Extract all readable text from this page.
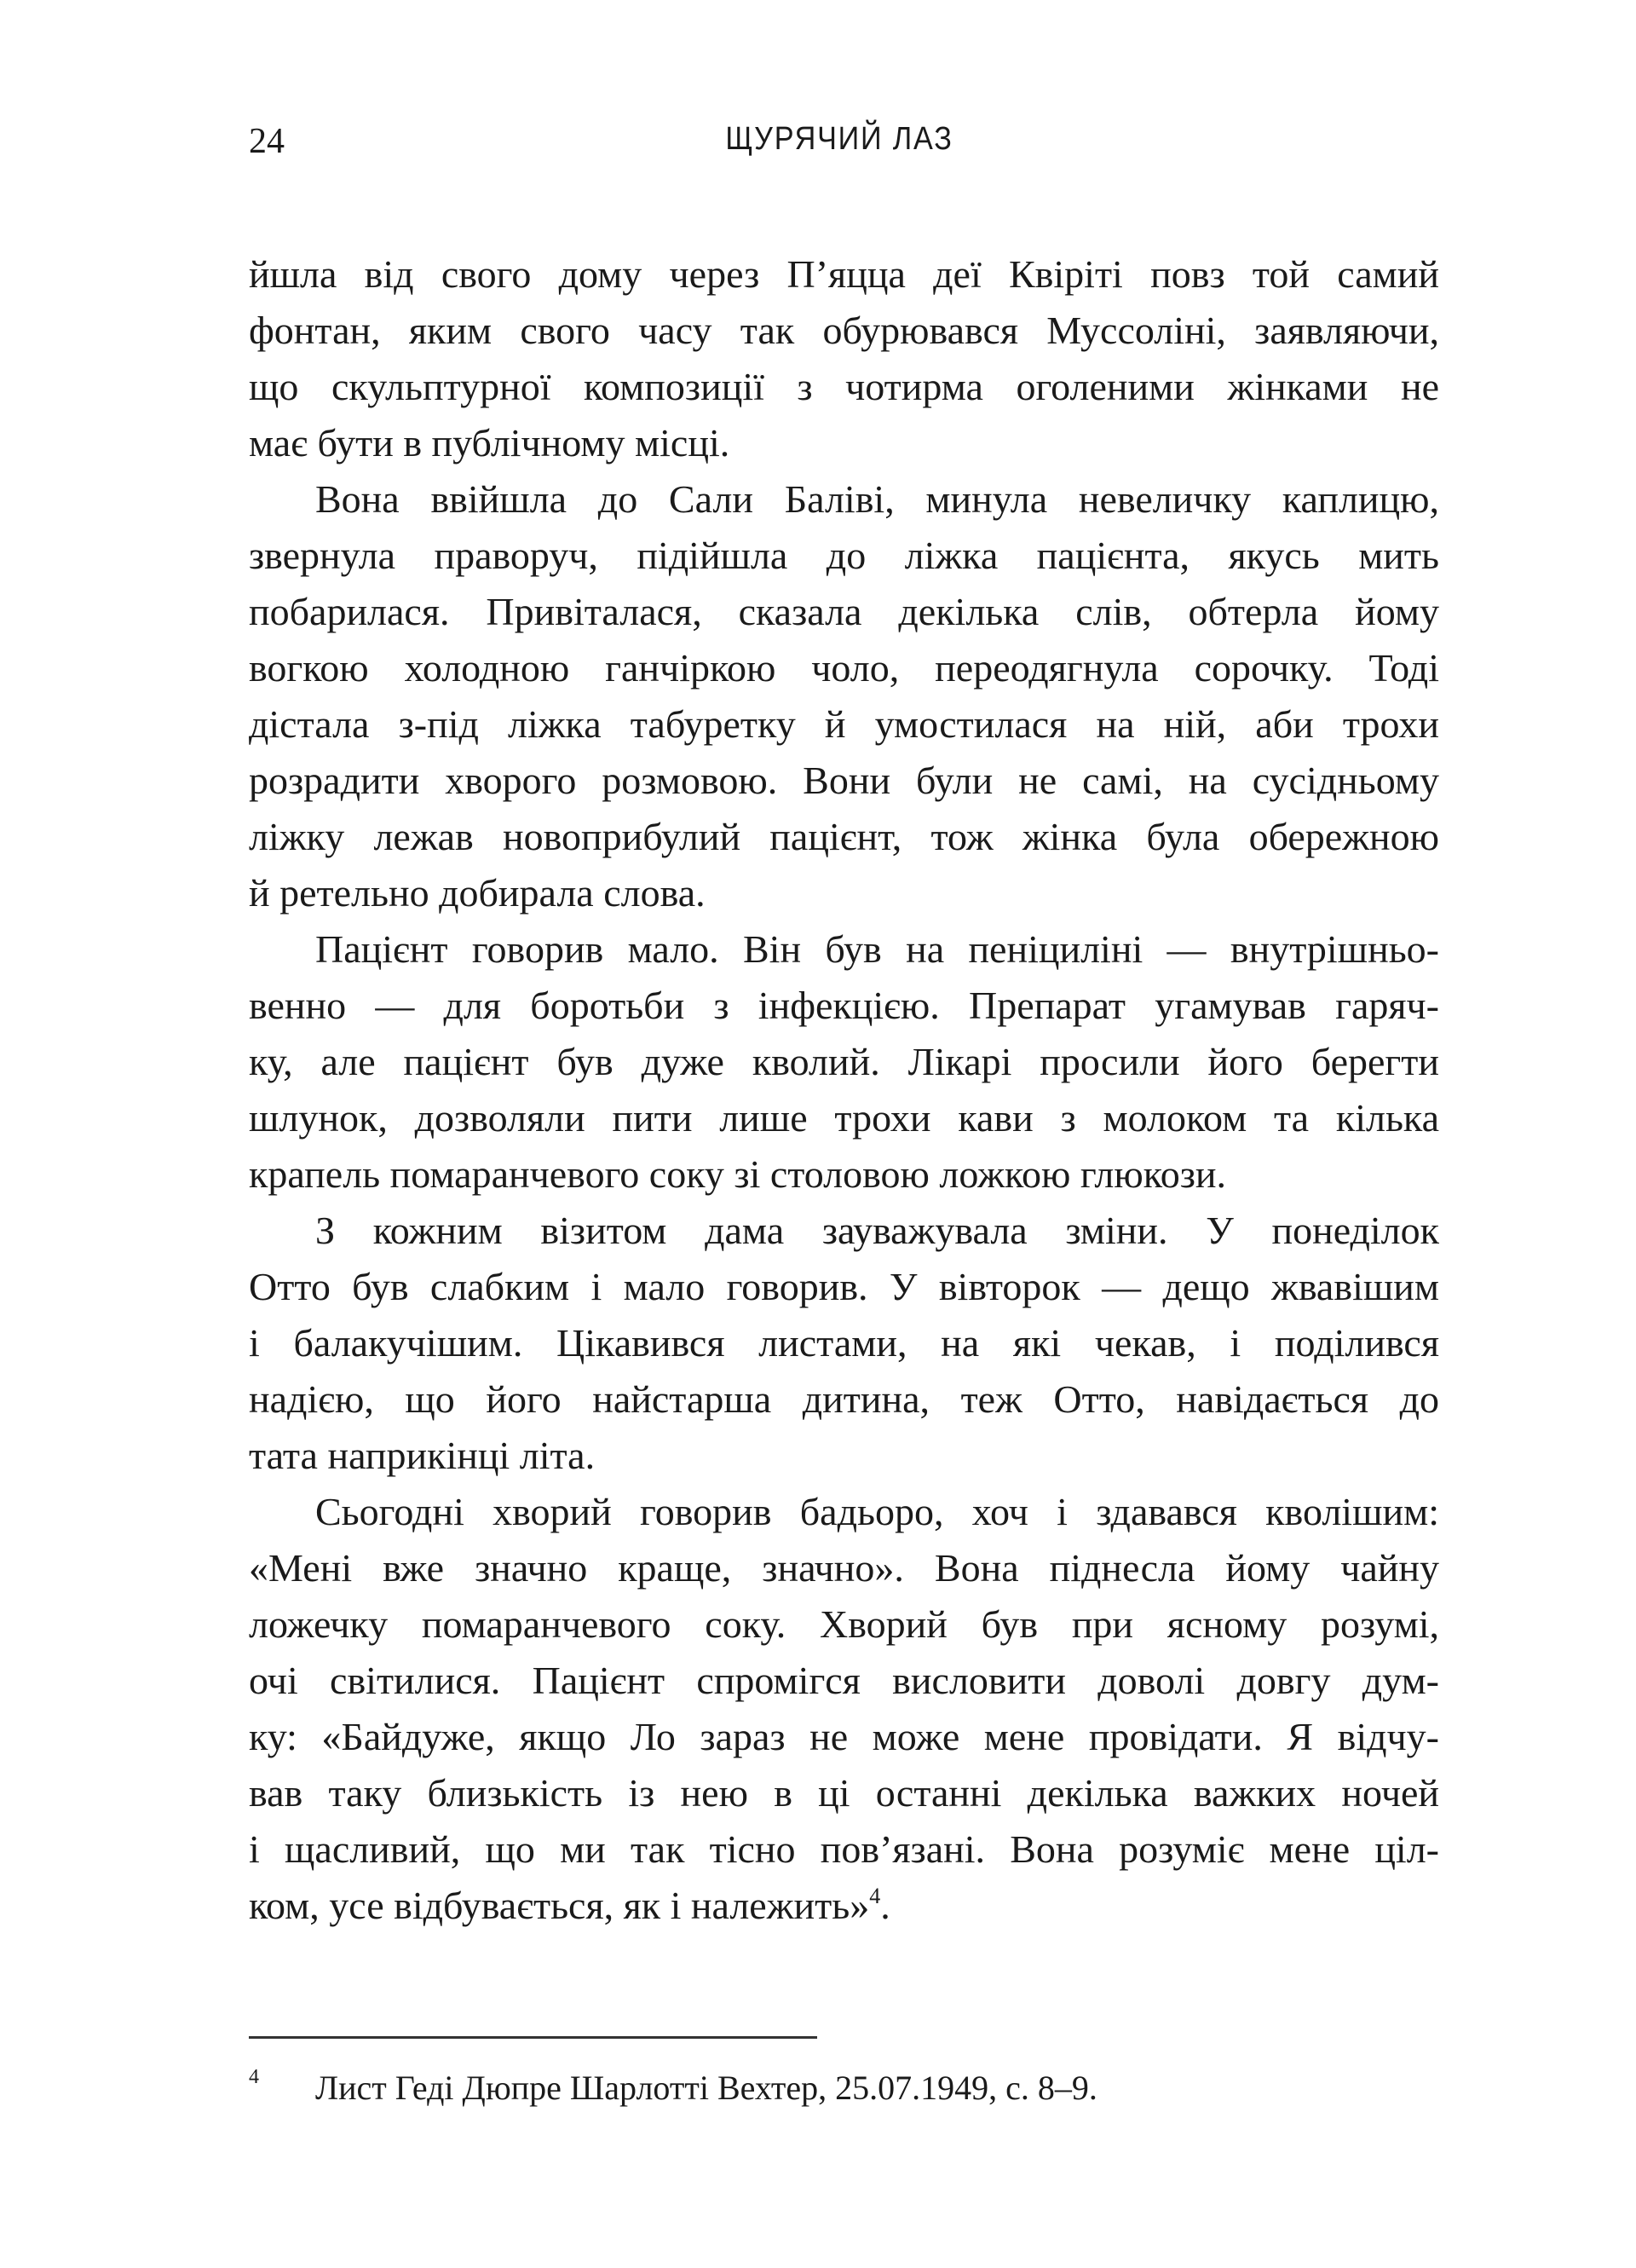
24	ЩУРЯЧИЙ ЛАЗ
йшла від свого дому через П’яцца деї Квіріті повз той самий
фонтан, яким свого часу так обурювався Муссоліні, заявляючи,
що скульптурної композиції з чотирма оголеними жінками не
має бути в публічному місці.
Вона ввійшла до Сали Баліві, минула невеличку каплицю,
звернула праворуч, підійшла до ліжка пацієнта, якусь мить
побарилася. Привіталася, сказала декілька слів, обтерла йому
вогкою холодною ганчіркою чоло, переодягнула сорочку. Тоді
дістала з-під ліжка табуретку й умостилася на ній, аби трохи
розрадити хворого розмовою. Вони були не самі, на сусідньому
ліжку лежав новоприбулий пацієнт, тож жінка була обережною
й ретельно добирала слова.
Пацієнт говорив мало. Він був на пеніциліні — внутрішньо-
венно — для боротьби з інфекцією. Препарат угамував гаряч-
ку, але пацієнт був дуже кволий. Лікарі просили його берегти
шлунок, дозволяли пити лише трохи кави з молоком та кілька
крапель помаранчевого соку зі столовою ложкою глюкози.
З кожним візитом дама зауважувала зміни. У понеділок
Отто був слабким і мало говорив. У вівторок — дещо жвавішим
і балакучішим. Цікавився листами, на які чекав, і поділився
надією, що його найстарша дитина, теж Отто, навідається до
тата наприкінці літа.
Сьогодні хворий говорив бадьоро, хоч і здавався кволішим:
«Мені вже значно краще, значно». Вона піднесла йому чайну
ложечку помаранчевого соку. Хворий був при ясному розумі,
очі світилися. Пацієнт спромігся висловити доволі довгу дум-
ку: «Байдуже, якщо Ло зараз не може мене провідати. Я відчу-
вав таку близькість із нею в ці останні декілька важких ночей
і щасливий, що ми так тісно пов’язані. Вона розуміє мене ціл-
ком, усе відбувається, як і належить»$^4$.
4 Лист Геді Дюпре Шарлотті Вехтер, 25.07.1949, с. 8–9.
